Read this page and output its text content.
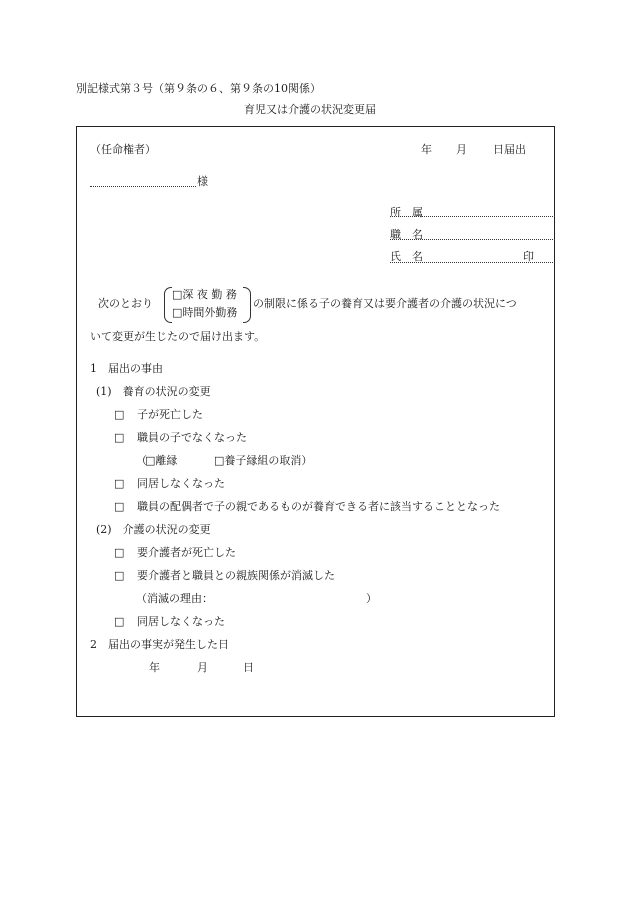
別記様式第３号（第９条の６、第９条の10関係）
育児又は介護の状況変更届
（任命権者）	年 月 日届出
様
所　属
職　名
氏　名	印
次のとおり
□深 夜 勤 務
□時間外勤務
の制限に係る子の養育又は要介護者の介護の状況につ
いて変更が生じたので届け出ます。
1　届出の事由
(1)　養育の状況の変更
□ 子が死亡した
□ 職員の子でなくなった
（
□離縁	□養子縁組の取消）
□ 同居しなくなった
□ 職員の配偶者で子の親であるものが養育できる者に該当することとなった
(2)　介護の状況の変更
□ 要介護者が死亡した
□ 要介護者と職員との親族関係が消滅した
（消滅の理由：	）
□ 同居しなくなった
2　届出の事実が発生した日
年	月	日
